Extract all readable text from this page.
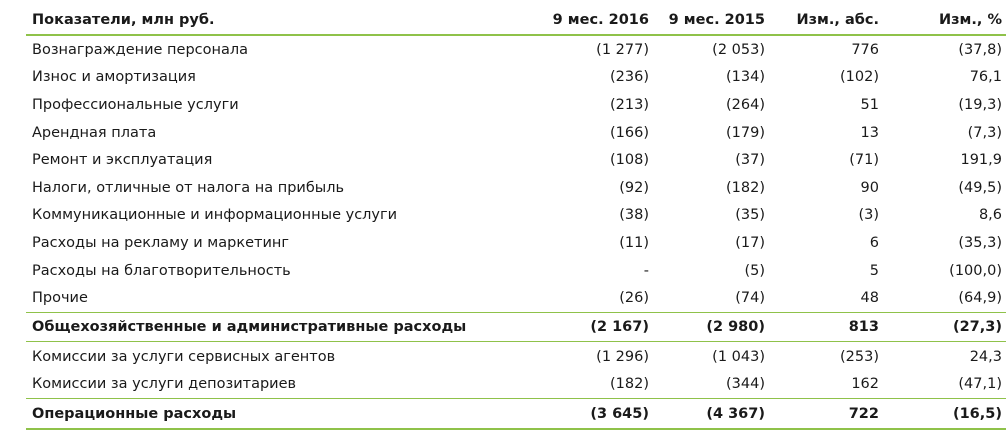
Показатели, млн руб.	9 мес. 2016	9 мес. 2015	Изм., абс.	Изм., %
Вознаграждение персонала	(1 277)	(2 053)	776	(37,8)
Износ и амортизация	(236)	(134)	(102)	76,1
Профессиональные услуги	(213)	(264)	51	(19,3)
Арендная плата	(166)	(179)	13	(7,3)
Ремонт и эксплуатация	(108)	(37)	(71)	191,9
Налоги, отличные от налога на прибыль	(92)	(182)	90	(49,5)
Коммуникационные и информационные услуги	(38)	(35)	(3)	8,6
Расходы на рекламу и маркетинг	(11)	(17)	6	(35,3)
Расходы на благотворительность	-	(5)	5	(100,0)
Прочие	(26)	(74)	48	(64,9)
Общехозяйственные и административные расходы	(2 167)	(2 980)	813	(27,3)
Комиссии за услуги сервисных агентов	(1 296)	(1 043)	(253)	24,3
Комиссии за услуги депозитариев	(182)	(344)	162	(47,1)
Операционные расходы	(3 645)	(4 367)	722	(16,5)
